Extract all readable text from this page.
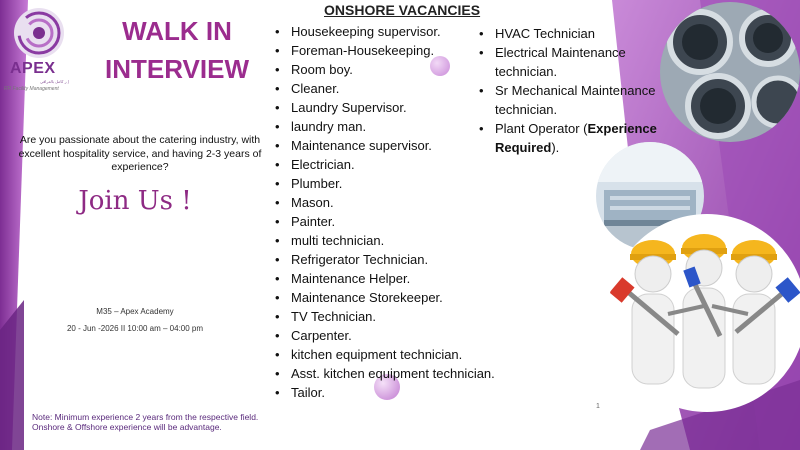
APEX
إ ر كامل بالعراقي
RR Facility Management
WALK IN INTERVIEW
Are you passionate about the catering industry, with excellent hospitality service, and having 2-3 years of experience?
Join Us !
M35 – Apex Academy
20 - Jun -2026 II 10:00 am – 04:00 pm
Note: Minimum experience 2 years from the respective field. Onshore & Offshore experience will be advantage.
ONSHORE VACANCIES
• Housekeeping supervisor.
• Foreman-Housekeeping.
• Room boy.
• Cleaner.
• Laundry Supervisor.
• laundry man.
• Maintenance supervisor.
• Electrician.
• Plumber.
• Mason.
• Painter.
• multi technician.
• Refrigerator Technician.
• Maintenance Helper.
• Maintenance Storekeeper.
• TV Technician.
• Carpenter.
• kitchen equipment technician.
• Asst. kitchen equipment technician.
• Tailor.
• HVAC Technician
• Electrical Maintenance technician.
• Sr Mechanical Maintenance technician.
• Plant Operator (Experience Required).
1
